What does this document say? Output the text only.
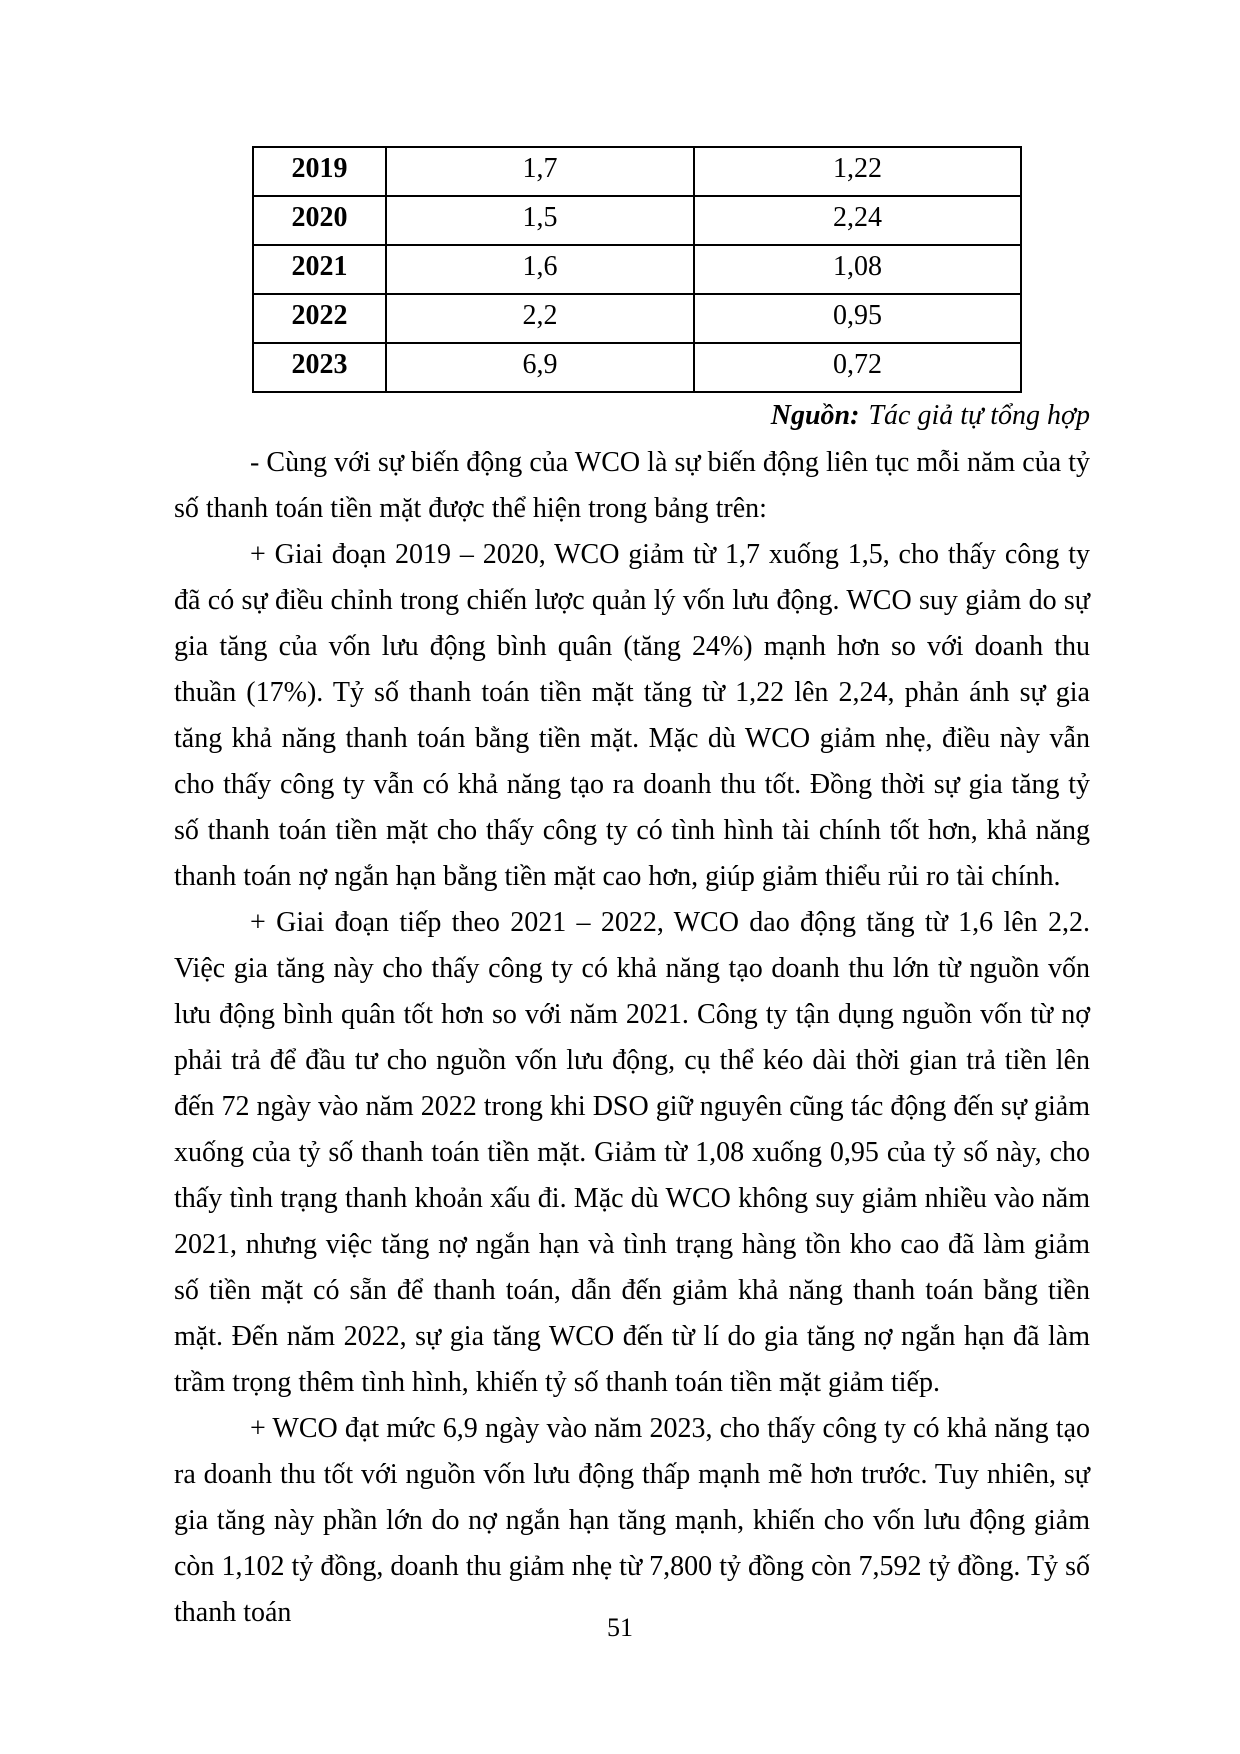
2019	1,7	1,22
2020	1,5	2,24
2021	1,6	1,08
2022	2,2	0,95
2023	6,9	0,72
Nguồn: Tác giả tự tổng hợp

- Cùng với sự biến động của WCO là sự biến động liên tục mỗi năm của tỷ số thanh toán tiền mặt được thể hiện trong bảng trên:

+ Giai đoạn 2019 – 2020, WCO giảm từ 1,7 xuống 1,5, cho thấy công ty đã có sự điều chỉnh trong chiến lược quản lý vốn lưu động. WCO suy giảm do sự gia tăng của vốn lưu động bình quân (tăng 24%) mạnh hơn so với doanh thu thuần (17%). Tỷ số thanh toán tiền mặt tăng từ 1,22 lên 2,24, phản ánh sự gia tăng khả năng thanh toán bằng tiền mặt. Mặc dù WCO giảm nhẹ, điều này vẫn cho thấy công ty vẫn có khả năng tạo ra doanh thu tốt. Đồng thời sự gia tăng tỷ số thanh toán tiền mặt cho thấy công ty có tình hình tài chính tốt hơn, khả năng thanh toán nợ ngắn hạn bằng tiền mặt cao hơn, giúp giảm thiểu rủi ro tài chính.

+ Giai đoạn tiếp theo 2021 – 2022, WCO dao động tăng từ 1,6 lên 2,2. Việc gia tăng này cho thấy công ty có khả năng tạo doanh thu lớn từ nguồn vốn lưu động bình quân tốt hơn so với năm 2021. Công ty tận dụng nguồn vốn từ nợ phải trả để đầu tư cho nguồn vốn lưu động, cụ thể kéo dài thời gian trả tiền lên đến 72 ngày vào năm 2022 trong khi DSO giữ nguyên cũng tác động đến sự giảm xuống của tỷ số thanh toán tiền mặt. Giảm từ 1,08 xuống 0,95 của tỷ số này, cho thấy tình trạng thanh khoản xấu đi. Mặc dù WCO không suy giảm nhiều vào năm 2021, nhưng việc tăng nợ ngắn hạn và tình trạng hàng tồn kho cao đã làm giảm số tiền mặt có sẵn để thanh toán, dẫn đến giảm khả năng thanh toán bằng tiền mặt. Đến năm 2022, sự gia tăng WCO đến từ lí do gia tăng nợ ngắn hạn đã làm trầm trọng thêm tình hình, khiến tỷ số thanh toán tiền mặt giảm tiếp.

+ WCO đạt mức 6,9 ngày vào năm 2023, cho thấy công ty có khả năng tạo ra doanh thu tốt với nguồn vốn lưu động thấp mạnh mẽ hơn trước. Tuy nhiên, sự gia tăng này phần lớn do nợ ngắn hạn tăng mạnh, khiến cho vốn lưu động giảm còn 1,102 tỷ đồng, doanh thu giảm nhẹ từ 7,800 tỷ đồng còn 7,592 tỷ đồng. Tỷ số thanh toán	51
